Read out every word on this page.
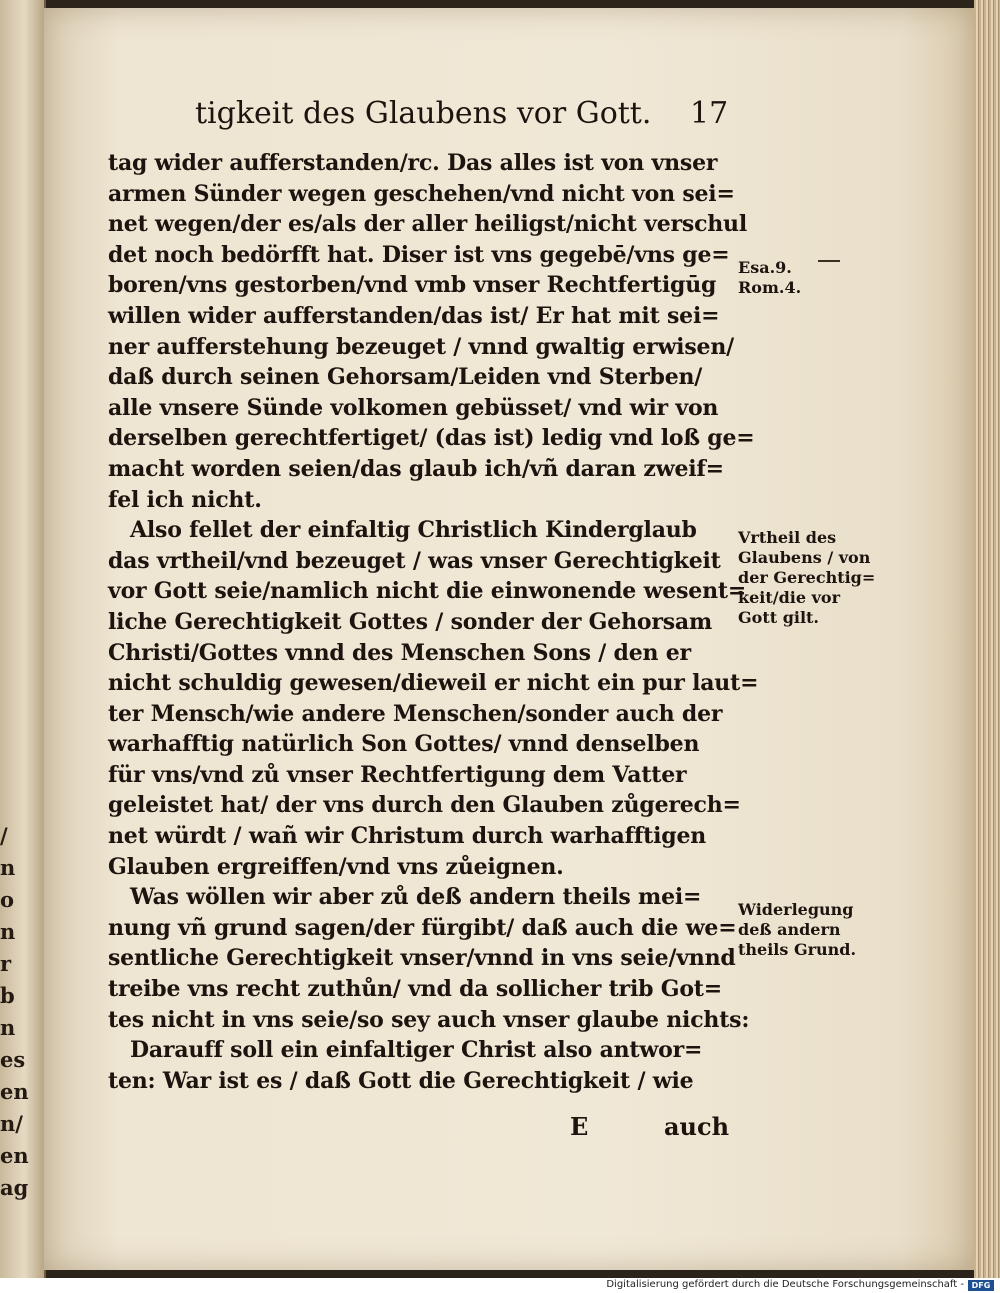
/
n
o
n
r
b
n
es
en
n/
en
ag
tigkeit des Glaubens vor Gott. 17
tag wider aufferstanden/rc. Das alles ist von vnser
armen Sünder wegen geschehen/vnd nicht von sei=
net wegen/der es/als der aller heiligst/nicht verschul
det noch bedörfft hat. Diser ist vns gegebē/vns ge=
boren/vns gestorben/vnd vmb vnser Rechtfertigūg
willen wider aufferstanden/das ist/ Er hat mit sei=
ner aufferstehung bezeuget / vnnd gwaltig erwisen/
daß durch seinen Gehorsam/Leiden vnd Sterben/
alle vnsere Sünde volkomen gebüsset/ vnd wir von
derselben gerechtfertiget/ (das ist) ledig vnd loß ge=
macht worden seien/das glaub ich/vñ daran zweif=
fel ich nicht.
Also fellet der einfaltig Christlich Kinderglaub
das vrtheil/vnd bezeuget / was vnser Gerechtigkeit
vor Gott seie/namlich nicht die einwonende wesent=
liche Gerechtigkeit Gottes / sonder der Gehorsam
Christi/Gottes vnnd des Menschen Sons / den er
nicht schuldig gewesen/dieweil er nicht ein pur laut=
ter Mensch/wie andere Menschen/sonder auch der
warhafftig natürlich Son Gottes/ vnnd denselben
für vns/vnd zů vnser Rechtfertigung dem Vatter
geleistet hat/ der vns durch den Glauben zůgerech=
net würdt / wañ wir Christum durch warhafftigen
Glauben ergreiffen/vnd vns zůeignen.
Was wöllen wir aber zů deß andern theils mei=
nung vñ grund sagen/der fürgibt/ daß auch die we=
sentliche Gerechtigkeit vnser/vnnd in vns seie/vnnd
treibe vns recht zuthůn/ vnd da sollicher trib Got=
tes nicht in vns seie/so sey auch vnser glaube nichts:
Darauff soll ein einfaltiger Christ also antwor=
ten: War ist es / daß Gott die Gerechtigkeit / wie
Esa.9.
Rom.4.
Vrtheil des
Glaubens / von
der Gerechtig=
keit/die vor
Gott gilt.
Widerlegung
deß andern
theils Grund.
E	auch
Digitalisierung gefördert durch die Deutsche Forschungsgemeinschaft - DFG
